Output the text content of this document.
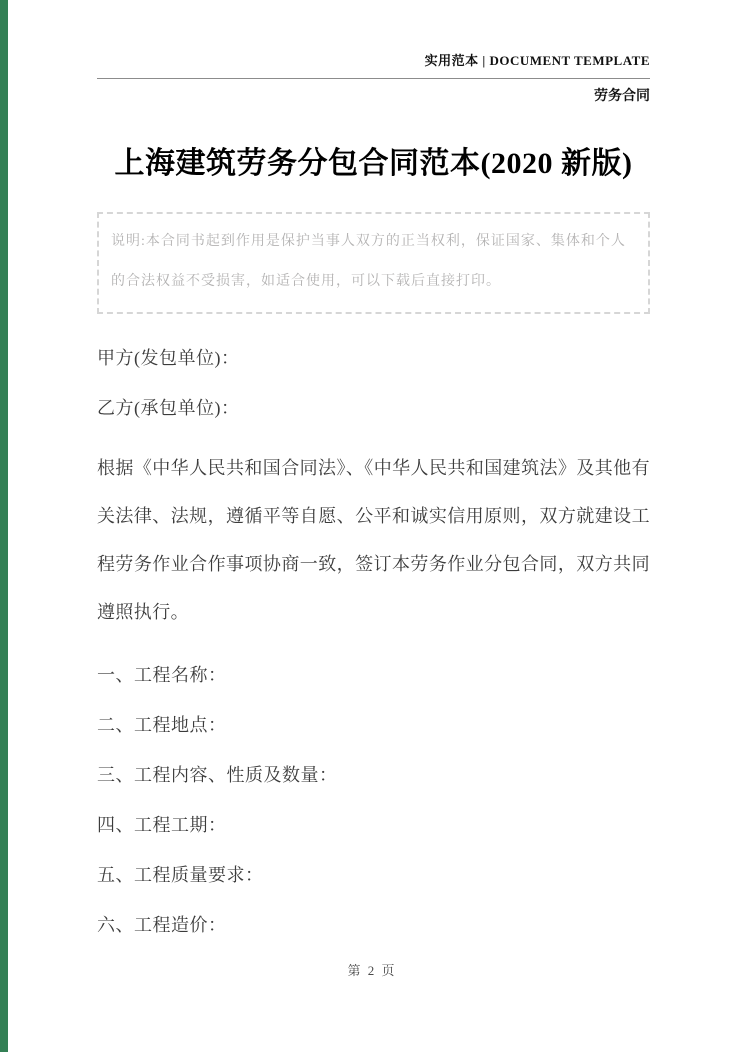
实用范本 | DOCUMENT TEMPLATE
劳务合同
上海建筑劳务分包合同范本(2020 新版)

说明:本合同书起到作用是保护当事人双方的正当权利，保证国家、集体和个人的合法权益不受损害，如适合使用，可以下载后直接打印。

甲方(发包单位)：

乙方(承包单位)：

根据《中华人民共和国合同法》、《中华人民共和国建筑法》及其他有关法律、法规，遵循平等自愿、公平和诚实信用原则，双方就建设工程劳务作业合作事项协商一致，签订本劳务作业分包合同，双方共同遵照执行。

一、工程名称：

二、工程地点：

三、工程内容、性质及数量：

四、工程工期：

五、工程质量要求：

六、工程造价：

第 2 页
